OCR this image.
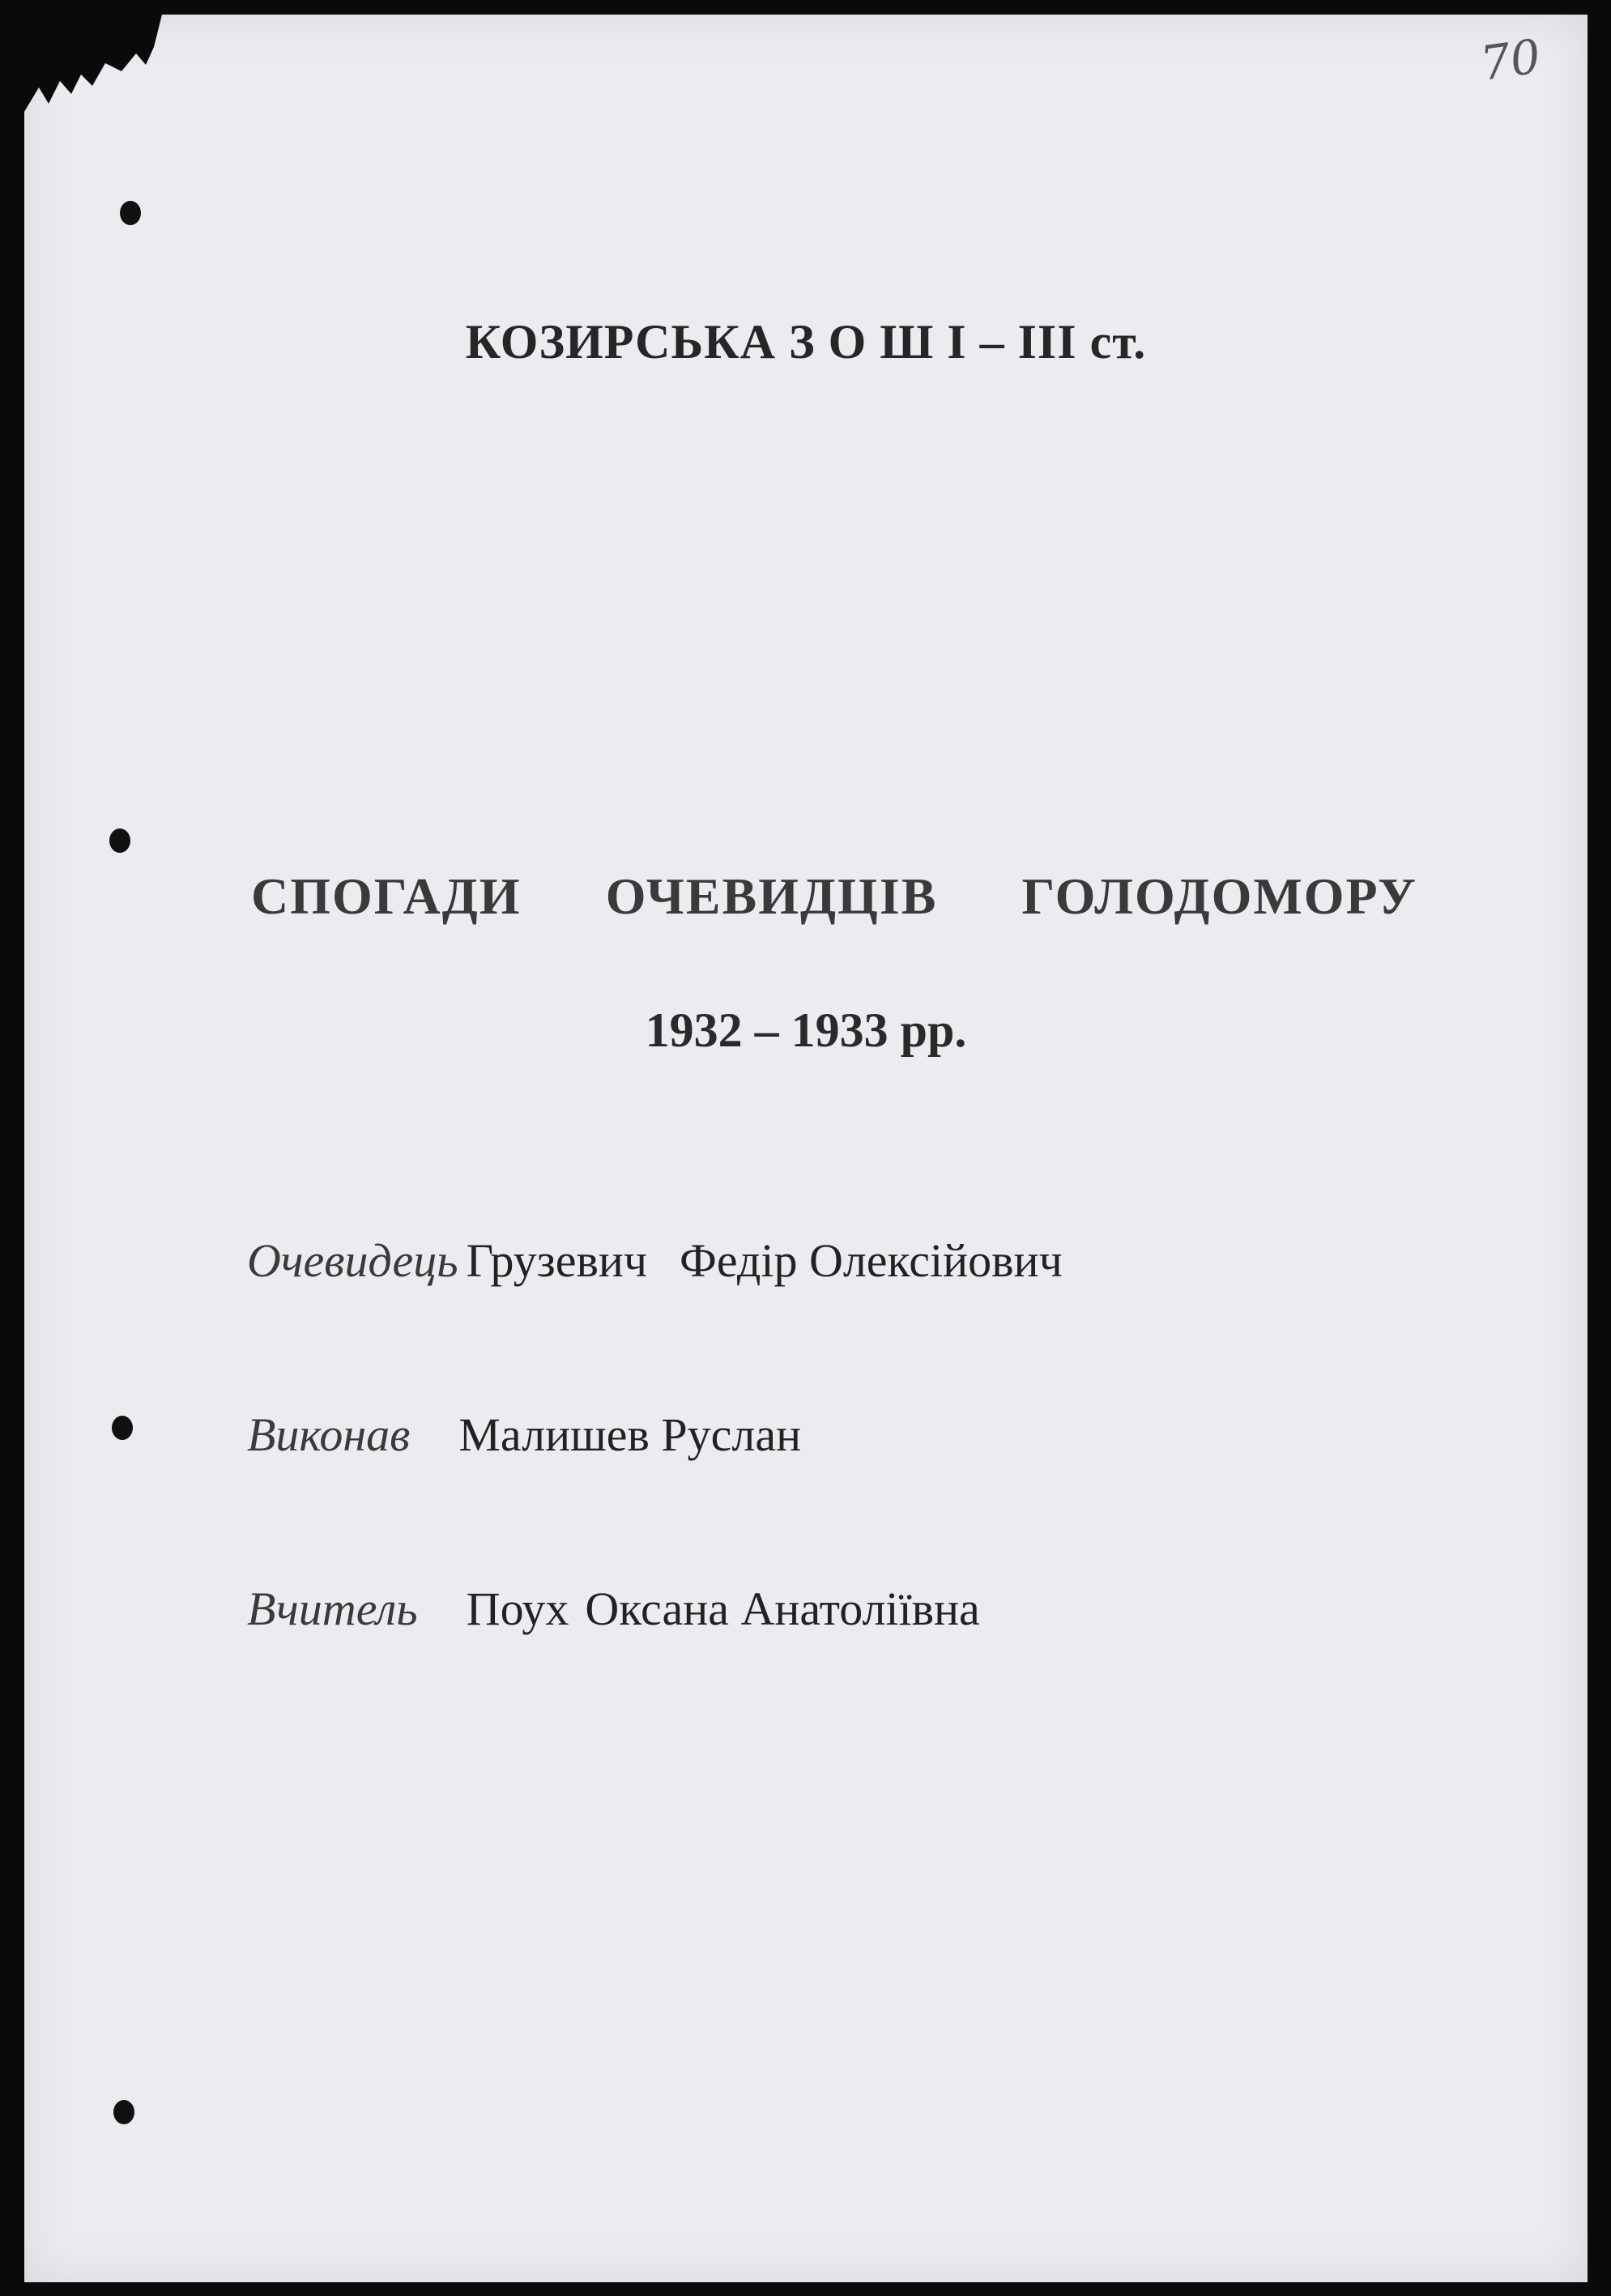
70
КОЗИРСЬКА З О Ш І – ІІІ ст.
СПОГАДИ ОЧЕВИДЦІВ ГОЛОДОМОРУ
1932 – 1933 рр.
Очевидець Грузевич Федір Олексійович
Виконав Малишев Руслан
Вчитель Поух Оксана Анатоліївна
